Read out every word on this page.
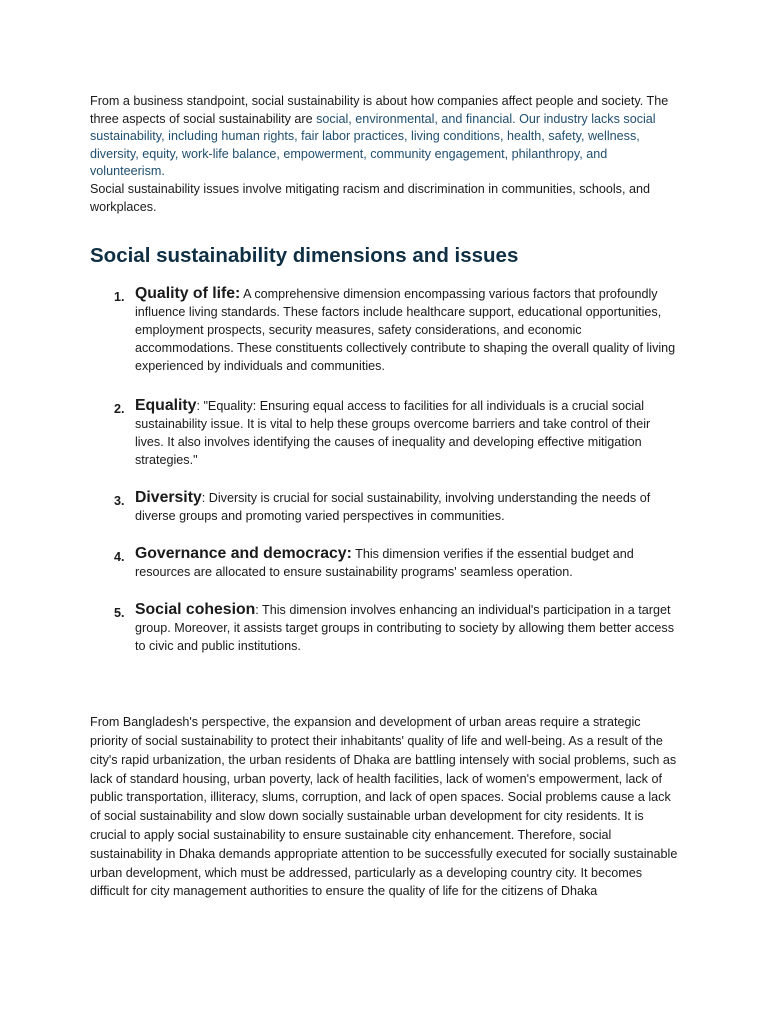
From a business standpoint, social sustainability is about how companies affect people and society. The three aspects of social sustainability are social, environmental, and financial. Our industry lacks social sustainability, including human rights, fair labor practices, living conditions, health, safety, wellness, diversity, equity, work-life balance, empowerment, community engagement, philanthropy, and volunteerism.

Social sustainability issues involve mitigating racism and discrimination in communities, schools, and workplaces.

Social sustainability dimensions and issues
1. Quality of life: A comprehensive dimension encompassing various factors that profoundly influence living standards. These factors include healthcare support, educational opportunities, employment prospects, security measures, safety considerations, and economic accommodations. These constituents collectively contribute to shaping the overall quality of living experienced by individuals and communities.
2. Equality: "Equality: Ensuring equal access to facilities for all individuals is a crucial social sustainability issue. It is vital to help these groups overcome barriers and take control of their lives. It also involves identifying the causes of inequality and developing effective mitigation strategies."
3. Diversity: Diversity is crucial for social sustainability, involving understanding the needs of diverse groups and promoting varied perspectives in communities.
4. Governance and democracy: This dimension verifies if the essential budget and resources are allocated to ensure sustainability programs' seamless operation.
5. Social cohesion: This dimension involves enhancing an individual's participation in a target group. Moreover, it assists target groups in contributing to society by allowing them better access to civic and public institutions.

From Bangladesh's perspective, the expansion and development of urban areas require a strategic priority of social sustainability to protect their inhabitants' quality of life and well-being. As a result of the city's rapid urbanization, the urban residents of Dhaka are battling intensely with social problems, such as lack of standard housing, urban poverty, lack of health facilities, lack of women's empowerment, lack of public transportation, illiteracy, slums, corruption, and lack of open spaces. Social problems cause a lack of social sustainability and slow down socially sustainable urban development for city residents. It is crucial to apply social sustainability to ensure sustainable city enhancement. Therefore, social sustainability in Dhaka demands appropriate attention to be successfully executed for socially sustainable urban development, which must be addressed, particularly as a developing country city. It becomes difficult for city management authorities to ensure the quality of life for the citizens of Dhaka
